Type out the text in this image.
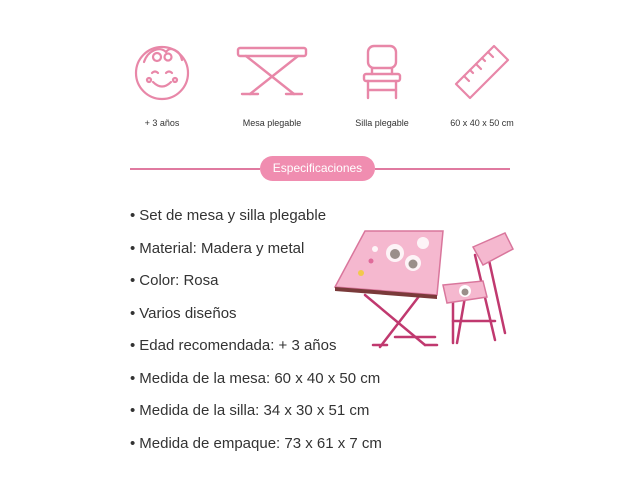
+ 3 años	Mesa plegable	Silla plegable	60 x 40 x 50 cm
Especificaciones
• Set de mesa y silla plegable
• Material: Madera y metal
• Color: Rosa
• Varios diseños
• Edad recomendada: + 3 años
• Medida de la mesa: 60 x 40 x 50 cm
• Medida de la silla: 34 x 30 x 51 cm
• Medida de empaque: 73 x 61 x 7 cm
